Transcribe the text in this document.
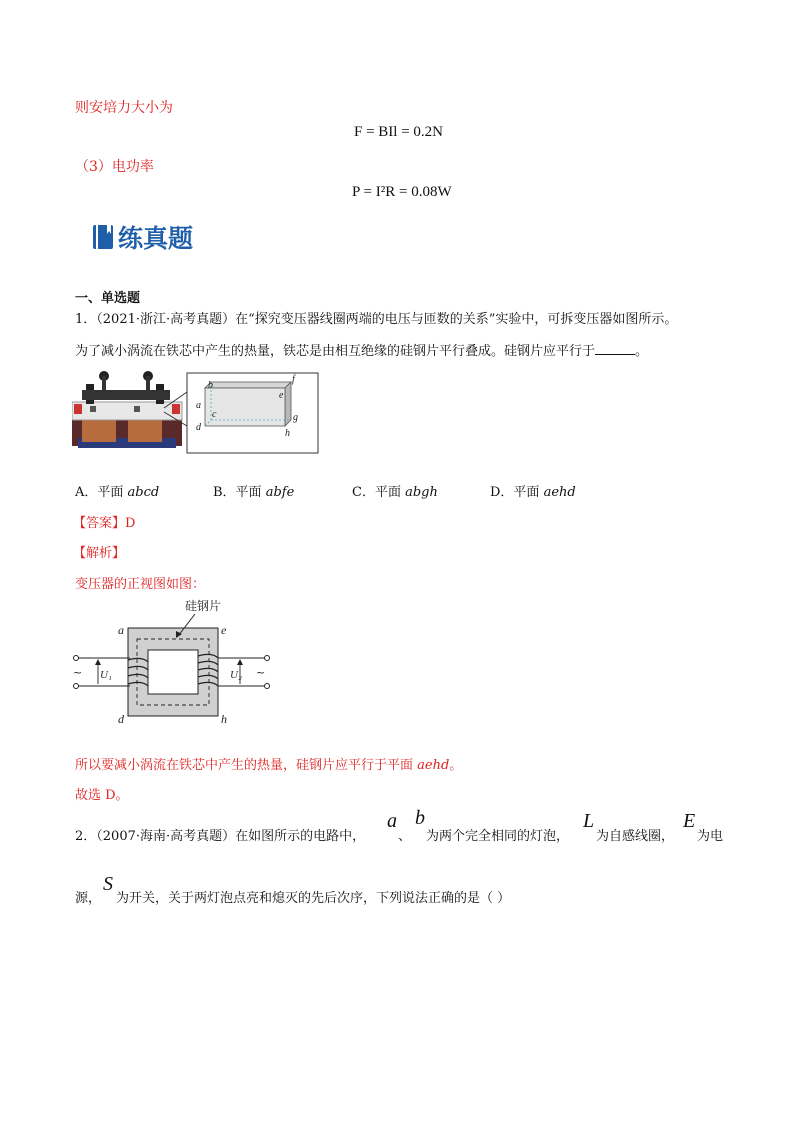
则安培力大小为
F = BIl = 0.2N
（3）电功率
P = I²R = 0.08W
练真题
一、单选题
1．（2021·浙江·高考真题）在“探究变压器线圈两端的电压与匝数的关系”实验中，可拆变压器如图所示。
为了减小涡流在铁芯中产生的热量，铁芯是由相互绝缘的硅钢片平行叠成。硅钢片应平行于	。
b
a
c
d
f
e
g
h
A．平面 abcd	B．平面 abfe	C．平面 abgh	D．平面 aehd
【答案】D
【解析】
变压器的正视图如图：
硅钢片
a	e
d	h
~ U₁	U₂ ~
所以要减小涡流在铁芯中产生的热量，硅钢片应平行于平面 aehd。
故选 D。
2．（2007·海南·高考真题）在如图所示的电路中，
a
、
b
为两个完全相同的灯泡，
L
为自感线圈，
E
为电
源，
S
为开关，关于两灯泡点亮和熄灭的先后次序，下列说法正确的是（ ）
